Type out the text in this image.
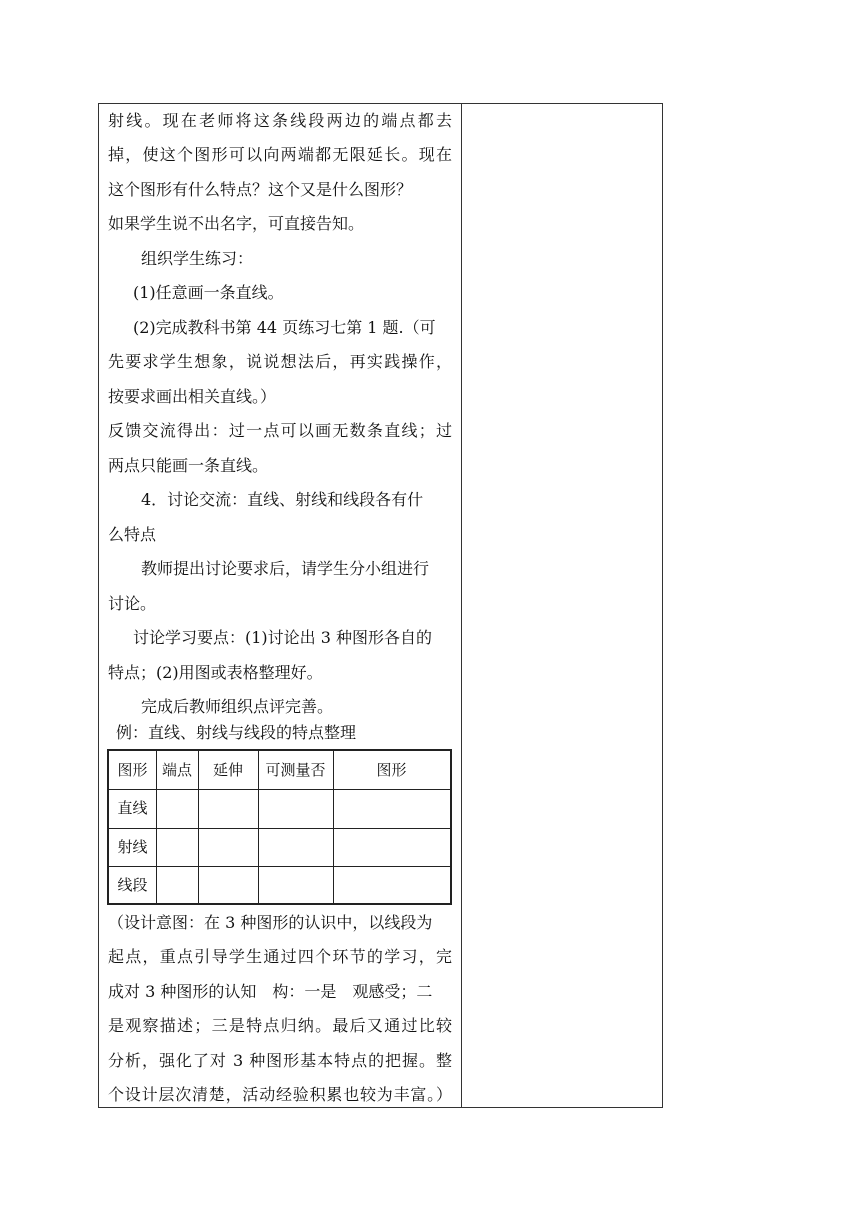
射线。现在老师将这条线段两边的端点都去
掉，使这个图形可以向两端都无限延长。现在
这个图形有什么特点？这个又是什么图形？
如果学生说不出名字，可直接告知。
组织学生练习：
(1)任意画一条直线。
(2)完成教科书第 44 页练习七第 1 题.（可
先要求学生想象，说说想法后，再实践操作，
按要求画出相关直线。）
反馈交流得出：过一点可以画无数条直线；过
两点只能画一条直线。
4．讨论交流：直线、射线和线段各有什
么特点
教师提出讨论要求后，请学生分小组进行
讨论。
讨论学习要点：(1)讨论出 3 种图形各自的
特点；(2)用图或表格整理好。
完成后教师组织点评完善。
例：直线、射线与线段的特点整理
图形 端点	延伸	可测量否	图形
直线
射线
线段
（设计意图：在 3 种图形的认识中，以线段为
起点，重点引导学生通过四个环节的学习，完
成对 3 种图形的认知　构：一是　观感受；二
是观察描述；三是特点归纳。最后又通过比较
分析，强化了对 3 种图形基本特点的把握。整
个设计层次清楚，活动经验积累也较为丰富。）
